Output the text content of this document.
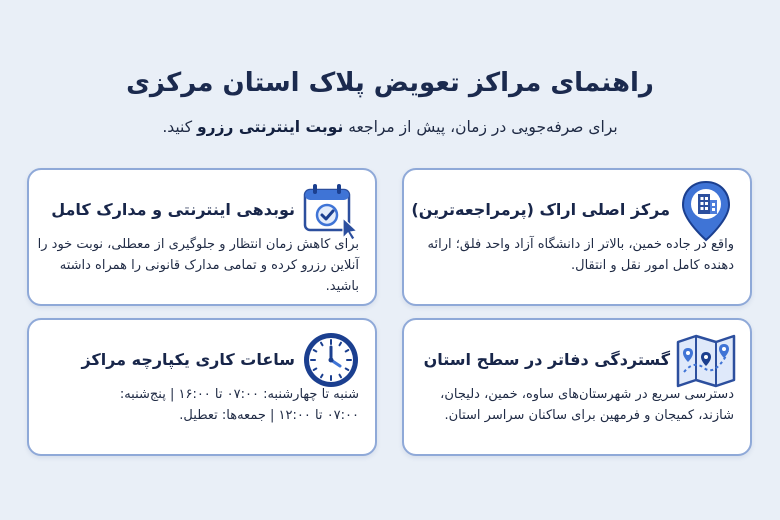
راهنمای مراکز تعویض پلاک استان مرکزی
برای صرفه‌جویی در زمان، پیش از مراجعه نوبت اینترنتی رزرو کنید.
مرکز اصلی اراک (پرمراجعه‌ترین)
واقع در جاده خمین، بالاتر از دانشگاه آزاد واحد فلق؛ ارائه دهنده کامل امور نقل و انتقال.
نوبدهی اینترنتی و مدارک کامل
برای کاهش زمان انتظار و جلوگیری از معطلی، نوبت خود را آنلاین رزرو کرده و تمامی مدارک قانونی را همراه داشته باشید.
گستردگی دفاتر در سطح استان
دسترسی سریع در شهرستان‌های ساوه، خمین، دلیجان، شازند، کمیجان و فرمهین برای ساکنان سراسر استان.
ساعات کاری یکپارچه مراکز
شنبه تا چهارشنبه: ۰۷:۰۰ تا ۱۶:۰۰ | پنج‌شنبه:
۰۷:۰۰ تا ۱۲:۰۰ | جمعه‌ها: تعطیل.
